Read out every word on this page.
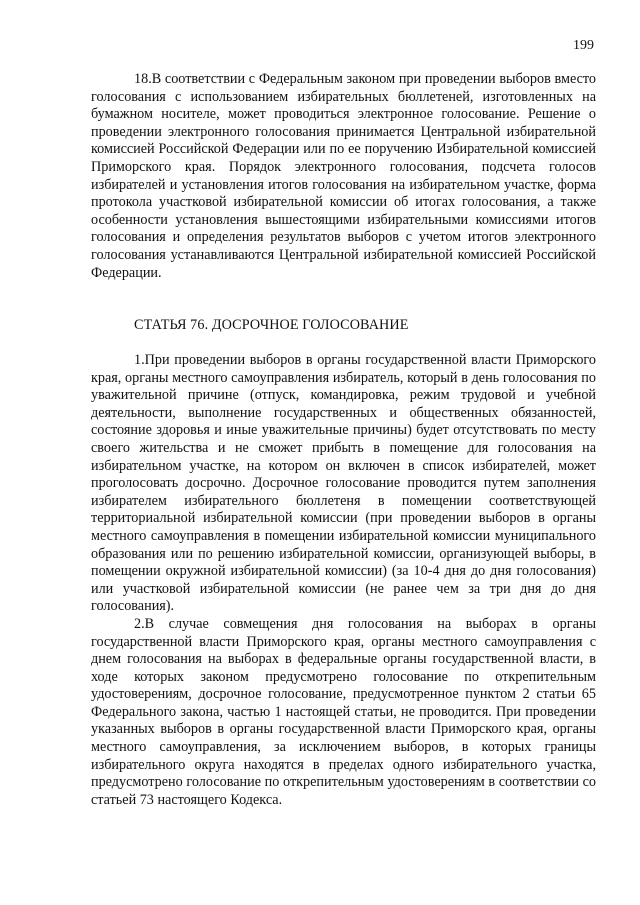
199

18.В соответствии с Федеральным законом при проведении выборов вместо голосования с использованием избирательных бюллетеней, изготовленных на бумажном носителе, может проводиться электронное голосование. Решение о проведении электронного голосования принимается Центральной избирательной комиссией Российской Федерации или по ее поручению Избирательной комиссией Приморского края. Порядок электронного голосования, подсчета голосов избирателей и установления итогов голосования на избирательном участке, форма протокола участковой избирательной комиссии об итогах голосования, а также особенности установления вышестоящими избирательными комиссиями итогов голосования и определения результатов выборов с учетом итогов электронного голосования устанавливаются Центральной избирательной комиссией Российской Федерации.

СТАТЬЯ 76. ДОСРОЧНОЕ ГОЛОСОВАНИЕ

1.При проведении выборов в органы государственной власти Приморского края, органы местного самоуправления избиратель, который в день голосования по уважительной причине (отпуск, командировка, режим трудовой и учебной деятельности, выполнение государственных и общественных обязанностей, состояние здоровья и иные уважительные причины) будет отсутствовать по месту своего жительства и не сможет прибыть в помещение для голосования на избирательном участке, на котором он включен в список избирателей, может проголосовать досрочно. Досрочное голосование проводится путем заполнения избирателем избирательного бюллетеня в помещении соответствующей территориальной избирательной комиссии (при проведении выборов в органы местного самоуправления в помещении избирательной комиссии муниципального образования или по решению избирательной комиссии, организующей выборы, в помещении окружной избирательной комиссии) (за 10-4 дня до дня голосования) или участковой избирательной комиссии (не ранее чем за три дня до дня голосования).

2.В случае совмещения дня голосования на выборах в органы государственной власти Приморского края, органы местного самоуправления с днем голосования на выборах в федеральные органы государственной власти, в ходе которых законом предусмотрено голосование по открепительным удостоверениям, досрочное голосование, предусмотренное пунктом 2 статьи 65 Федерального закона, частью 1 настоящей статьи, не проводится. При проведении указанных выборов в органы государственной власти Приморского края, органы местного самоуправления, за исключением выборов, в которых границы избирательного округа находятся в пределах одного избирательного участка, предусмотрено голосование по открепительным удостоверениям в соответствии со статьей 73 настоящего Кодекса.
